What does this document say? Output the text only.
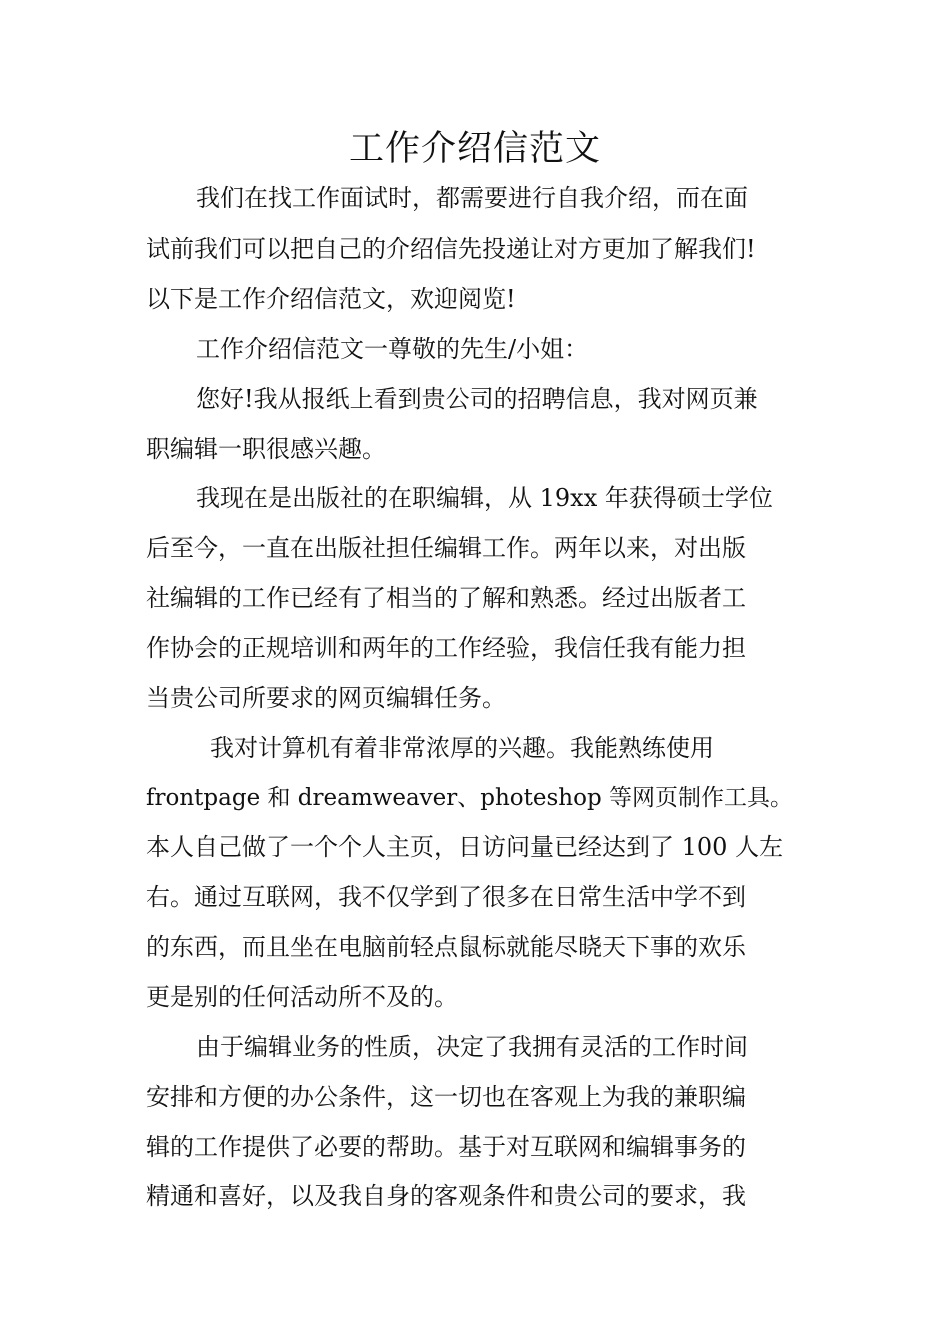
工作介绍信范文
我们在找工作面试时，都需要进行自我介绍，而在面
试前我们可以把自己的介绍信先投递让对方更加了解我们!
以下是工作介绍信范文，欢迎阅览!
工作介绍信范文一尊敬的先生/小姐：
您好!我从报纸上看到贵公司的招聘信息，我对网页兼
职编辑一职很感兴趣。
我现在是出版社的在职编辑，从 19xx 年获得硕士学位
后至今，一直在出版社担任编辑工作。两年以来，对出版
社编辑的工作已经有了相当的了解和熟悉。经过出版者工
作协会的正规培训和两年的工作经验，我信任我有能力担
当贵公司所要求的网页编辑任务。
我对计算机有着非常浓厚的兴趣。我能熟练使用
frontpage 和 dreamweaver、photeshop 等网页制作工具。
本人自己做了一个个人主页，日访问量已经达到了 100 人左
右。通过互联网，我不仅学到了很多在日常生活中学不到
的东西，而且坐在电脑前轻点鼠标就能尽晓天下事的欢乐
更是别的任何活动所不及的。
由于编辑业务的性质，决定了我拥有灵活的工作时间
安排和方便的办公条件，这一切也在客观上为我的兼职编
辑的工作提供了必要的帮助。基于对互联网和编辑事务的
精通和喜好，以及我自身的客观条件和贵公司的要求，我
